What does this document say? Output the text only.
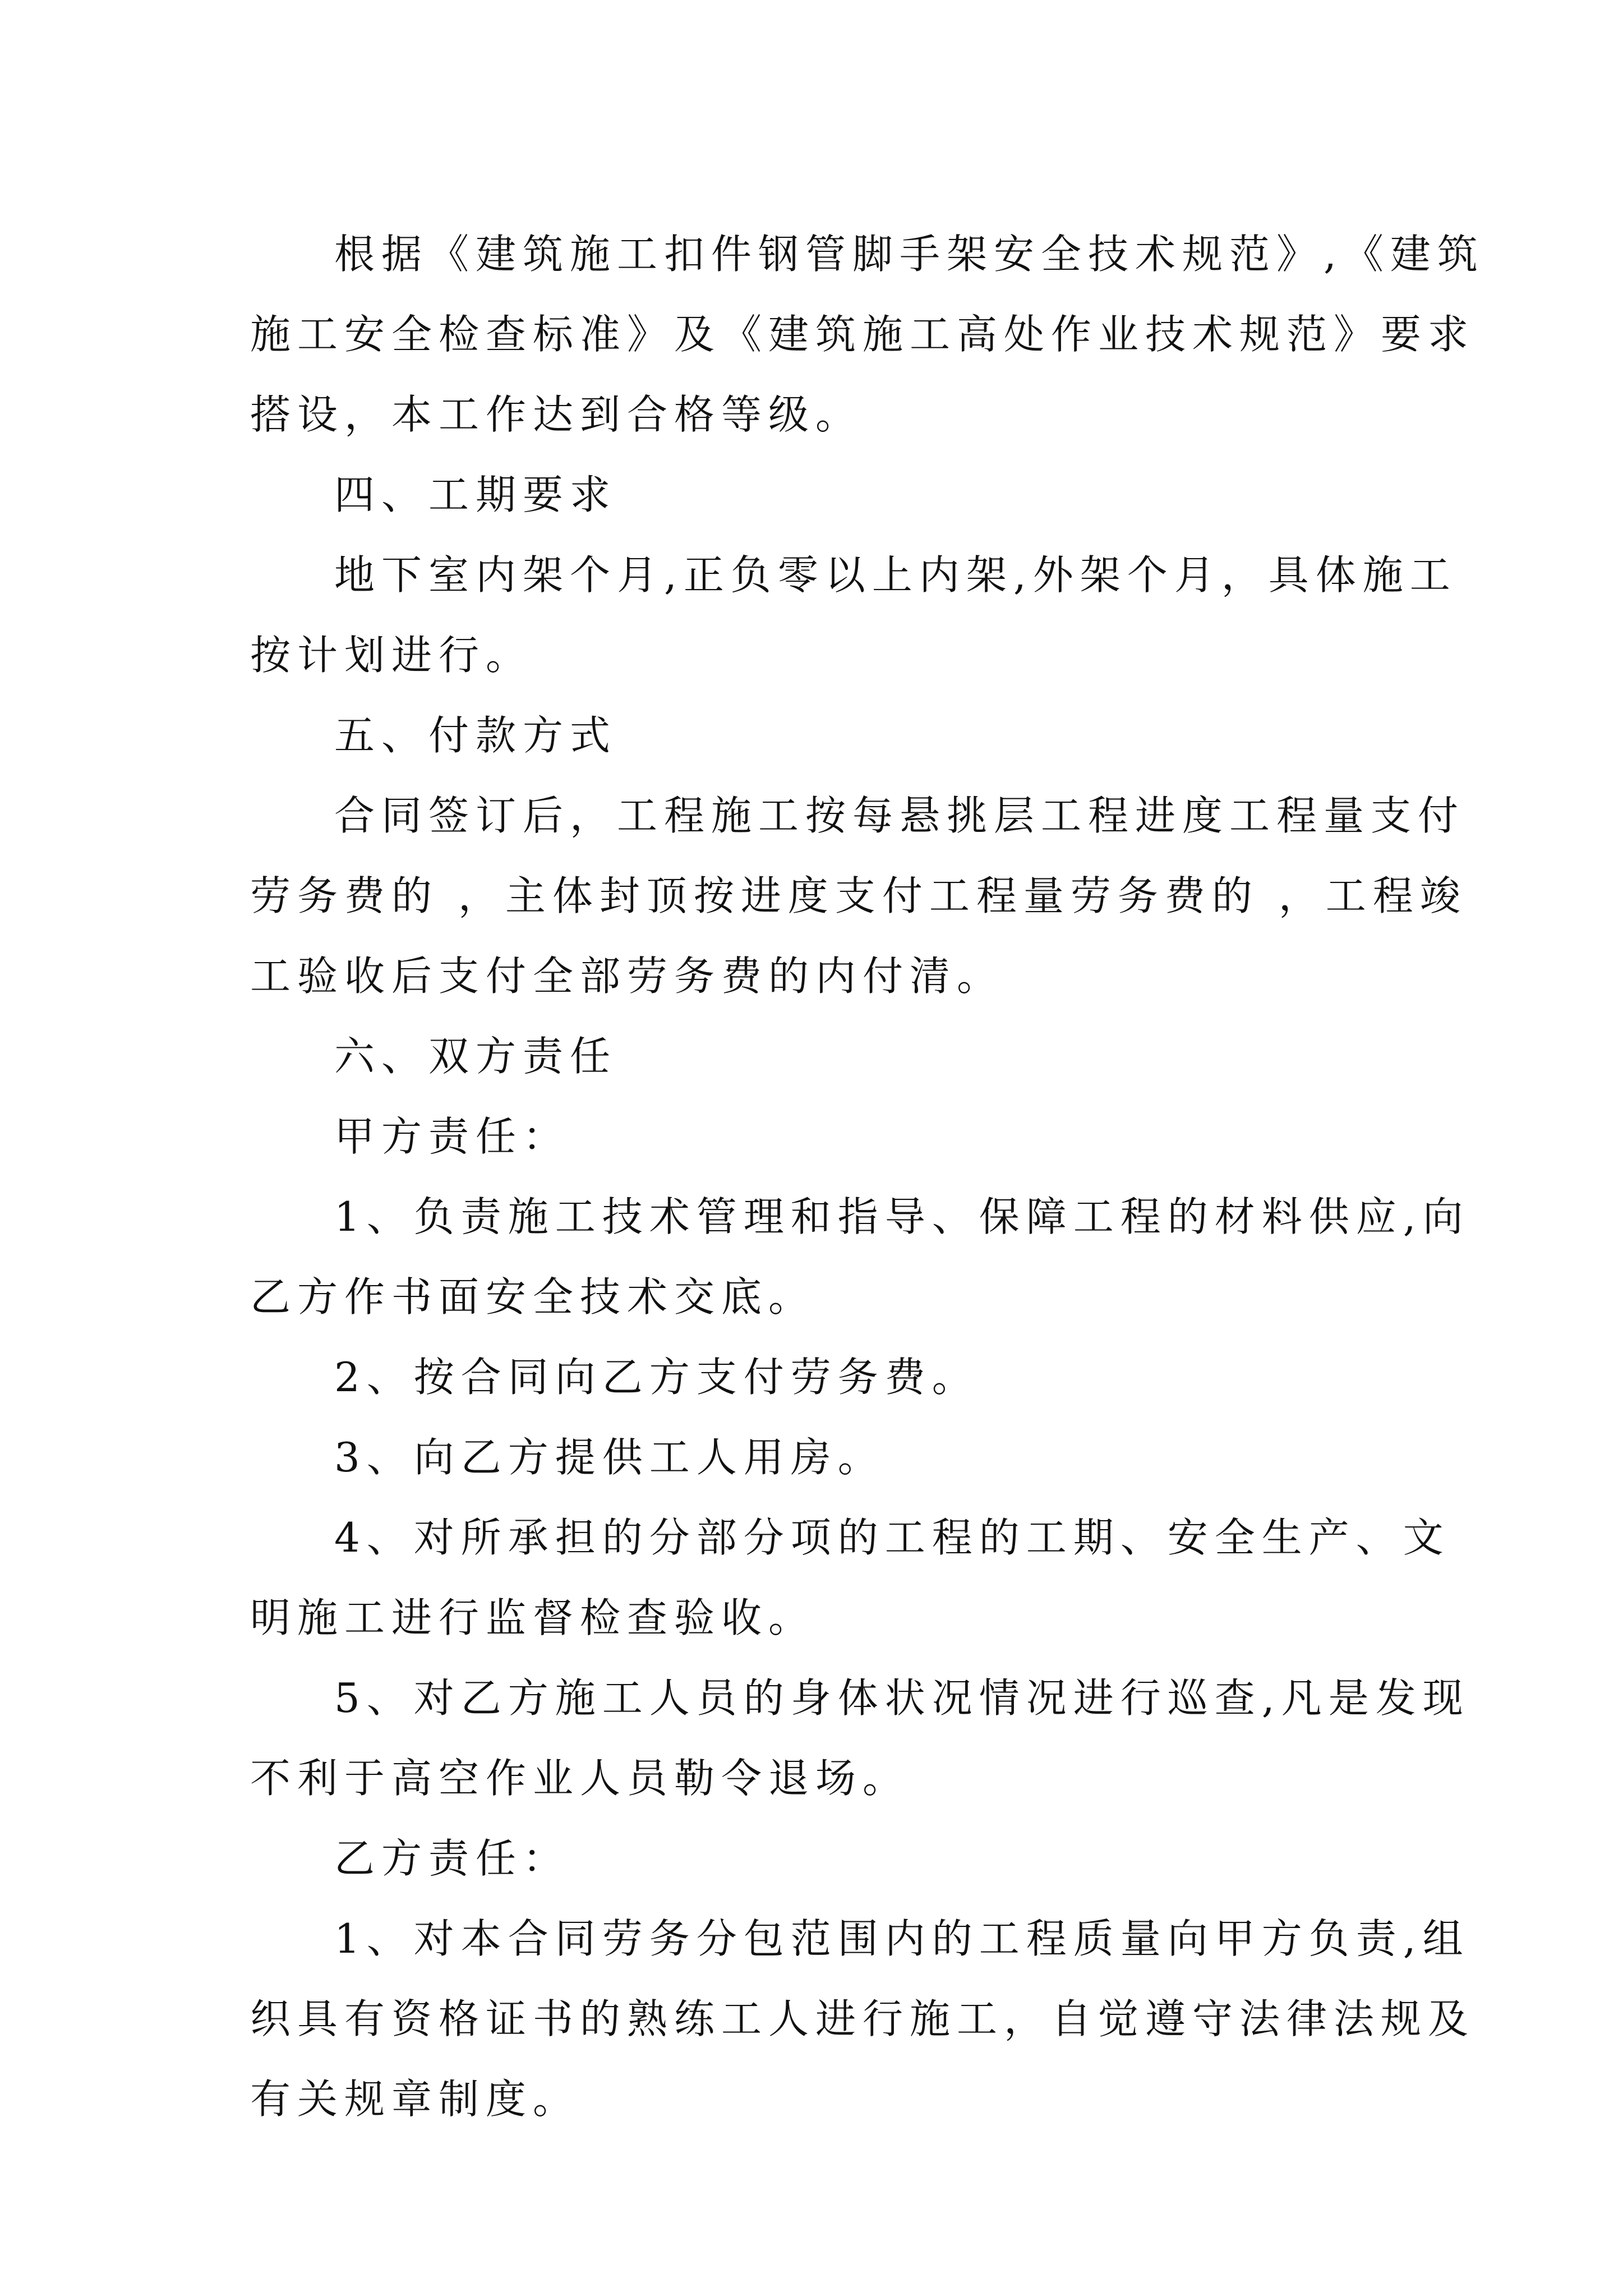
根据《建筑施工扣件钢管脚手架安全技术规范》,《建筑
施工安全检查标准》及《建筑施工高处作业技术规范》要求
搭设，本工作达到合格等级。
四、工期要求
地下室内架个月,正负零以上内架,外架个月，具体施工
按计划进行。
五、付款方式
合同签订后，工程施工按每悬挑层工程进度工程量支付
劳务费的 ，主体封顶按进度支付工程量劳务费的 ，工程竣
工验收后支付全部劳务费的内付清。
六、双方责任
甲方责任：
1、负责施工技术管理和指导、保障工程的材料供应,向
乙方作书面安全技术交底。
2、按合同向乙方支付劳务费。
3、向乙方提供工人用房。
4、对所承担的分部分项的工程的工期、安全生产、文
明施工进行监督检查验收。
5、对乙方施工人员的身体状况情况进行巡查,凡是发现
不利于高空作业人员勒令退场。
乙方责任：
1、对本合同劳务分包范围内的工程质量向甲方负责,组
织具有资格证书的熟练工人进行施工，自觉遵守法律法规及
有关规章制度。
